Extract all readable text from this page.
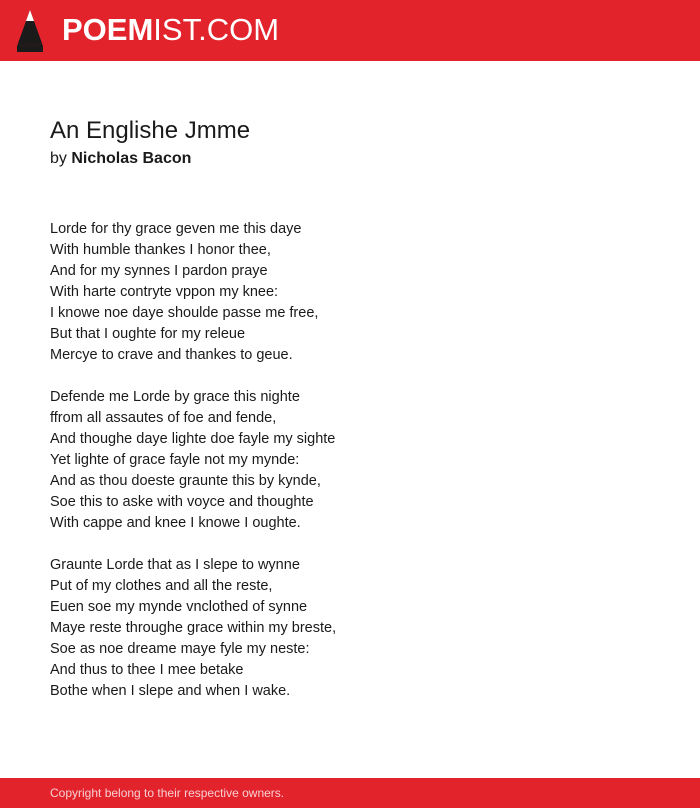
POEMIST.COM
An Englishe Jmme
by Nicholas Bacon
Lorde for thy grace geven me this daye
With humble thankes I honor thee,
And for my synnes I pardon praye
With harte contryte vppon my knee:
I knowe noe daye shoulde passe me free,
But that I oughte for my releue
Mercye to crave and thankes to geue.
Defende me Lorde by grace this nighte
ffrom all assautes of foe and fende,
And thoughe daye lighte doe fayle my sighte
Yet lighte of grace fayle not my mynde:
And as thou doeste graunte this by kynde,
Soe this to aske with voyce and thoughte
With cappe and knee I knowe I oughte.
Graunte Lorde that as I slepe to wynne
Put of my clothes and all the reste,
Euen soe my mynde vnclothed of synne
Maye reste throughe grace within my breste,
Soe as noe dreame maye fyle my neste:
And thus to thee I mee betake
Bothe when I slepe and when I wake.
Copyright belong to their respective owners.
